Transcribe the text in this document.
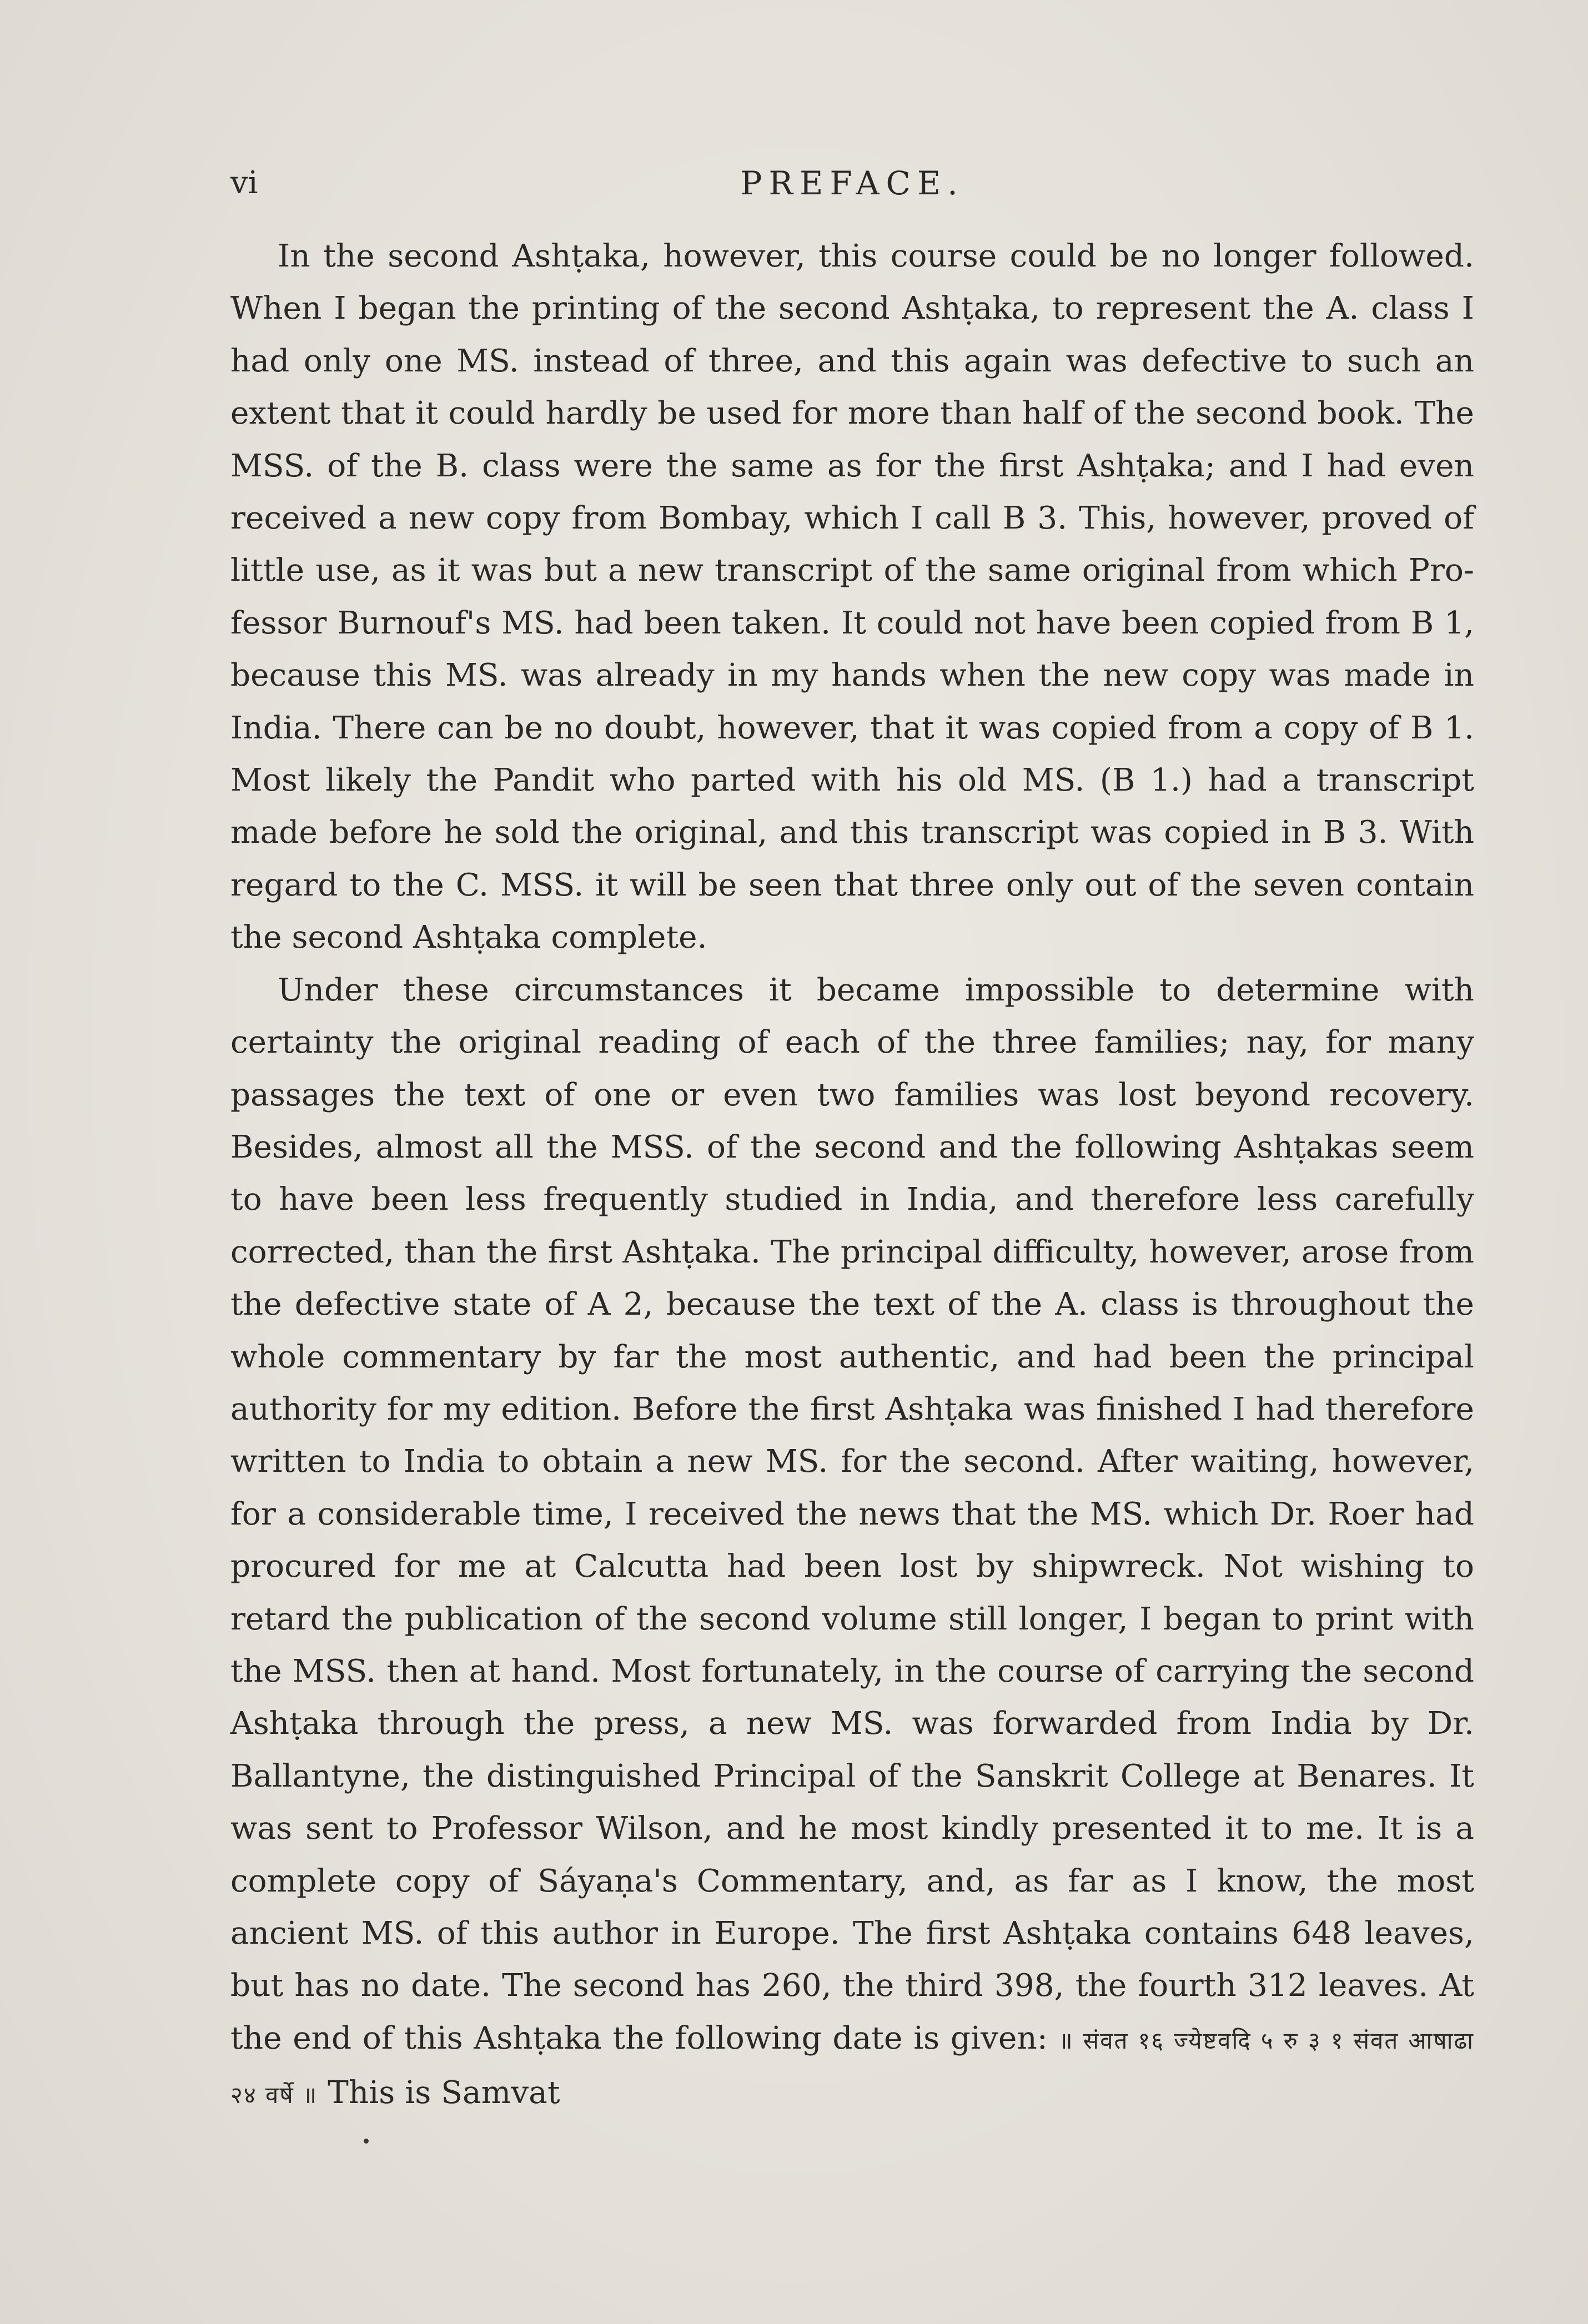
vi	PREFACE.

In the second Ashṭaka, however, this course could be no longer followed. When I began the printing of the second Ashṭaka, to represent the A. class I had only one MS. instead of three, and this again was defective to such an extent that it could hardly be used for more than half of the second book. The MSS. of the B. class were the same as for the first Ashṭaka; and I had even received a new copy from Bombay, which I call B 3. This, however, proved of little use, as it was but a new transcript of the same original from which Professor Burnouf's MS. had been taken. It could not have been copied from B 1, because this MS. was already in my hands when the new copy was made in India. There can be no doubt, however, that it was copied from a copy of B 1. Most likely the Pandit who parted with his old MS. (B 1.) had a transcript made before he sold the original, and this transcript was copied in B 3. With regard to the C. MSS. it will be seen that three only out of the seven contain the second Ashṭaka complete.

Under these circumstances it became impossible to determine with certainty the original reading of each of the three families; nay, for many passages the text of one or even two families was lost beyond recovery. Besides, almost all the MSS. of the second and the following Ashṭakas seem to have been less frequently studied in India, and therefore less carefully corrected, than the first Ashṭaka. The principal difficulty, however, arose from the defective state of A 2, because the text of the A. class is throughout the whole commentary by far the most authentic, and had been the principal authority for my edition. Before the first Ashṭaka was finished I had therefore written to India to obtain a new MS. for the second. After waiting, however, for a considerable time, I received the news that the MS. which Dr. Roer had procured for me at Calcutta had been lost by shipwreck. Not wishing to retard the publication of the second volume still longer, I began to print with the MSS. then at hand. Most fortunately, in the course of carrying the second Ashṭaka through the press, a new MS. was forwarded from India by Dr. Ballantyne, the distinguished Principal of the Sanskrit College at Benares. It was sent to Professor Wilson, and he most kindly presented it to me. It is a complete copy of Sáyaṇa's Commentary, and, as far as I know, the most ancient MS. of this author in Europe. The first Ashṭaka contains 648 leaves, but has no date. The second has 260, the third 398, the fourth 312 leaves. At the end of this Ashṭaka the following date is given: ॥ संवत १६ ज्येष्टवदि ५ रु ३ १ संवत आषाढा २४ वर्षे ॥ This is Samvat
